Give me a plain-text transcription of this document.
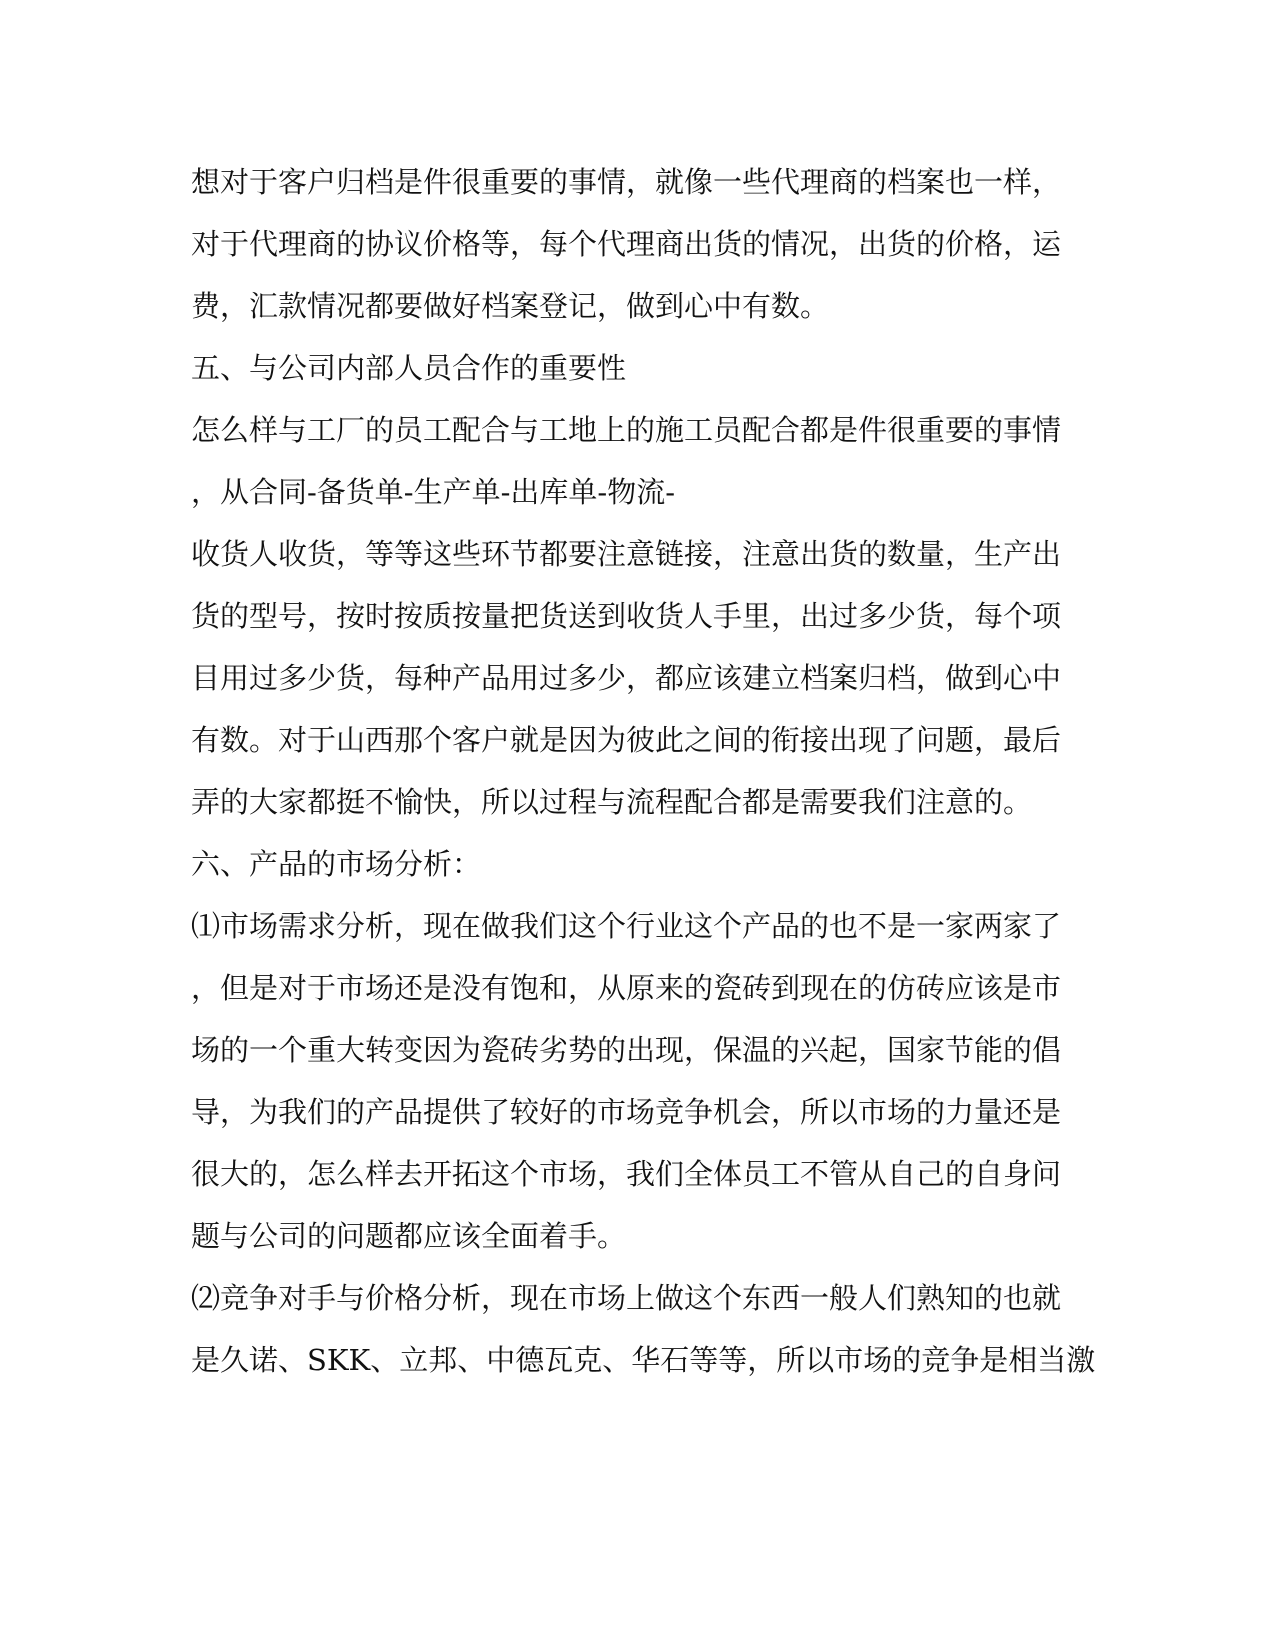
想对于客户归档是件很重要的事情，就像一些代理商的档案也一样，
对于代理商的协议价格等，每个代理商出货的情况，出货的价格，运
费，汇款情况都要做好档案登记，做到心中有数。
五、与公司内部人员合作的重要性
怎么样与工厂的员工配合与工地上的施工员配合都是件很重要的事情
，从合同-备货单-生产单-出库单-物流-
收货人收货，等等这些环节都要注意链接，注意出货的数量，生产出
货的型号，按时按质按量把货送到收货人手里，出过多少货，每个项
目用过多少货，每种产品用过多少，都应该建立档案归档，做到心中
有数。对于山西那个客户就是因为彼此之间的衔接出现了问题，最后
弄的大家都挺不愉快，所以过程与流程配合都是需要我们注意的。
六、产品的市场分析：
⑴市场需求分析，现在做我们这个行业这个产品的也不是一家两家了
，但是对于市场还是没有饱和，从原来的瓷砖到现在的仿砖应该是市
场的一个重大转变因为瓷砖劣势的出现，保温的兴起，国家节能的倡
导，为我们的产品提供了较好的市场竞争机会，所以市场的力量还是
很大的，怎么样去开拓这个市场，我们全体员工不管从自己的自身问
题与公司的问题都应该全面着手。
⑵竞争对手与价格分析，现在市场上做这个东西一般人们熟知的也就
是久诺、SKK、立邦、中德瓦克、华石等等，所以市场的竞争是相当激
